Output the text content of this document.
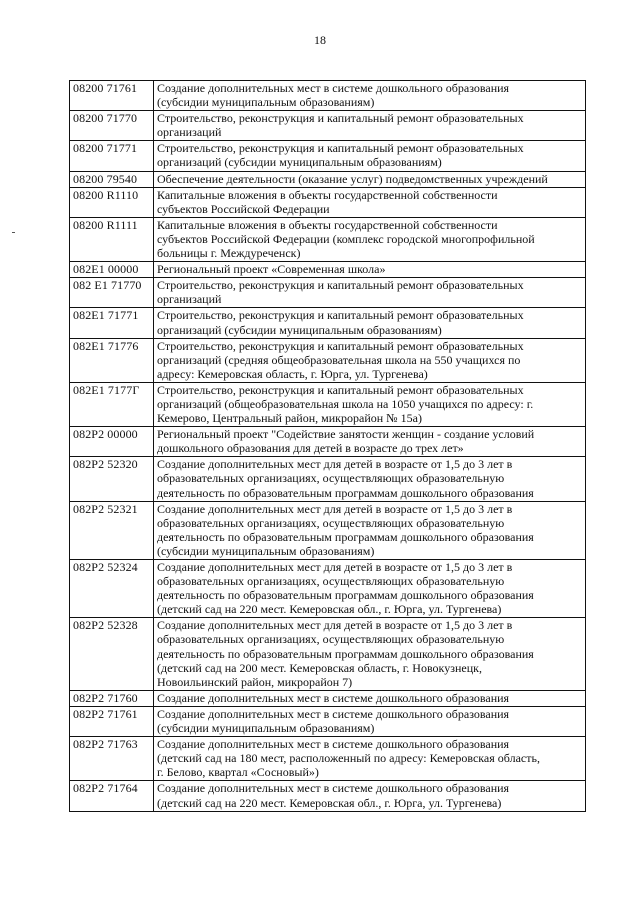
18
08200 71761	Создание дополнительных мест в системе дошкольного образования
(субсидии муниципальным образованиям)

08200 71770	Строительство, реконструкция и капитальный ремонт образовательных
организаций

08200 71771	Строительство, реконструкция и капитальный ремонт образовательных
организаций (субсидии муниципальным образованиям)

08200 79540	Обеспечение деятельности (оказание услуг) подведомственных учреждений

08200 R1110	Капитальные вложения в объекты государственной собственности
субъектов Российской Федерации

08200 R1111	Капитальные вложения в объекты государственной собственности
субъектов Российской Федерации (комплекс городской многопрофильной
больницы г. Междуреченск)

082E1 00000	Региональный проект «Современная школа»

082 E1 71770	Строительство, реконструкция и капитальный ремонт образовательных
организаций

082E1 71771	Строительство, реконструкция и капитальный ремонт образовательных
организаций (субсидии муниципальным образованиям)

082E1 71776	Строительство, реконструкция и капитальный ремонт образовательных
организаций (средняя общеобразовательная школа на 550 учащихся по
адресу: Кемеровская область, г. Юрга, ул. Тургенева)

082E1 7177Г	Строительство, реконструкция и капитальный ремонт образовательных
организаций (общеобразовательная школа на 1050 учащихся по адресу: г.
Кемерово, Центральный район, микрорайон № 15а)

082P2 00000	Региональный проект "Содействие занятости женщин - создание условий
дошкольного образования для детей в возрасте до трех лет»

082P2 52320	Создание дополнительных мест для детей в возрасте от 1,5 до 3 лет в
образовательных организациях, осуществляющих образовательную
деятельность по образовательным программам дошкольного образования

082P2 52321	Создание дополнительных мест для детей в возрасте от 1,5 до 3 лет в
образовательных организациях, осуществляющих образовательную
деятельность по образовательным программам дошкольного образования
(субсидии муниципальным образованиям)

082P2 52324	Создание дополнительных мест для детей в возрасте от 1,5 до 3 лет в
образовательных организациях, осуществляющих образовательную
деятельность по образовательным программам дошкольного образования
(детский сад на 220 мест. Кемеровская обл., г. Юрга, ул. Тургенева)

082P2 52328	Создание дополнительных мест для детей в возрасте от 1,5 до 3 лет в
образовательных организациях, осуществляющих образовательную
деятельность по образовательным программам дошкольного образования
(детский сад на 200 мест. Кемеровская область, г. Новокузнецк,
Новоильинский район, микрорайон 7)

082P2 71760	Создание дополнительных мест в системе дошкольного образования

082P2 71761	Создание дополнительных мест в системе дошкольного образования
(субсидии муниципальным образованиям)

082P2 71763	Создание дополнительных мест в системе дошкольного образования
(детский сад на 180 мест, расположенный по адресу: Кемеровская область,
г. Белово, квартал «Сосновый»)

082P2 71764	Создание дополнительных мест в системе дошкольного образования
(детский сад на 220 мест. Кемеровская обл., г. Юрга, ул. Тургенева)
